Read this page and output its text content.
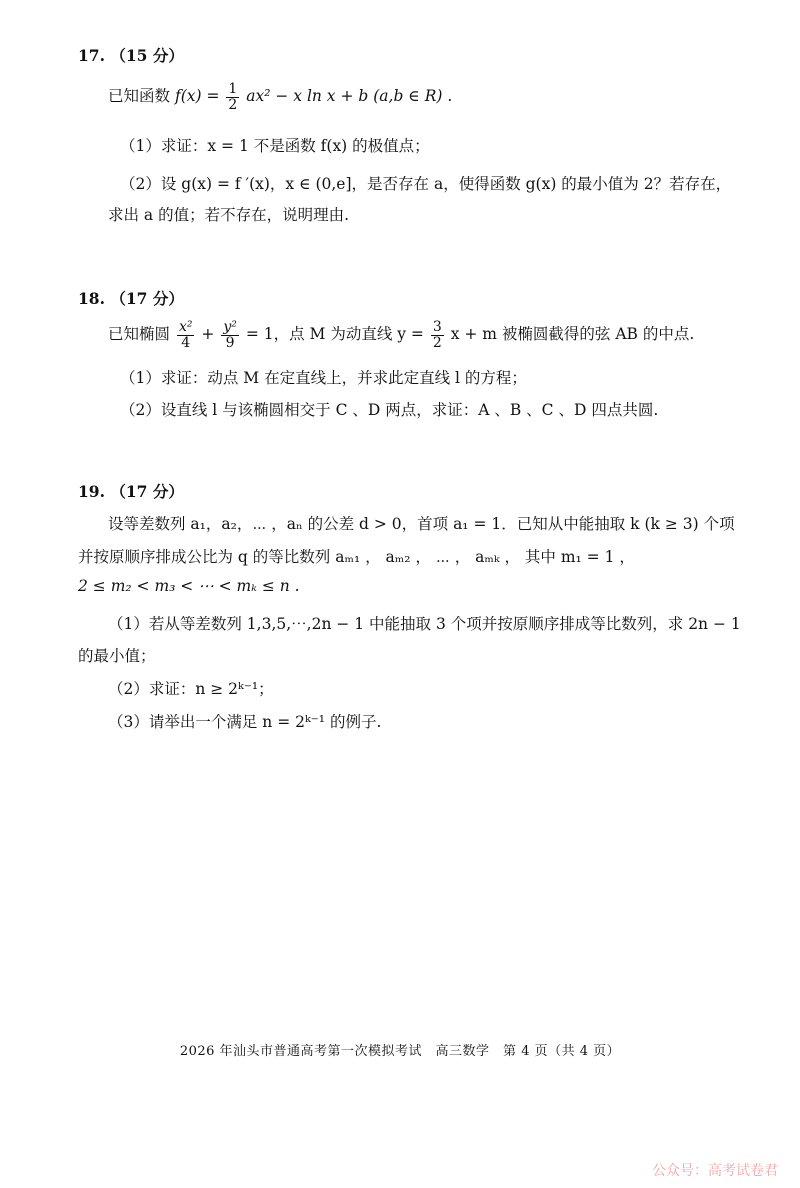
17. （15 分）
已知函数 $f(x) = \frac{1}{2} ax^2 - x$ ln x + b (a,b ∈ R) .
（1）求证：x = 1 不是函数 f(x) 的极值点；
（2）设 g(x) = f ′(x)，x ∈ (0,e]，是否存在 a，使得函数 g(x) 的最小值为 2？若存在，
求出 a 的值；若不存在，说明理由.
18. （17 分）
已知椭圆 $\frac{\text{x²}}{4} + \frac{\text{y²}}{9} = 1$，点 M 为动直线 $y = \frac{3}{2}$ x + m 被椭圆截得的弦 AB 的中点.
（1）求证：动点 M 在定直线上，并求此定直线 l 的方程；
（2）设直线 l 与该椭圆相交于 C 、D 两点，求证：A 、B 、C 、D 四点共圆.
19. （17 分）
设等差数列 a₁，a₂，⋯ ，aₙ 的公差 d > 0，首项 a₁ = 1．已知从中能抽取 k (k ≥ 3) 个项
并按原顺序排成公比为 q 的等比数列 aₘ₁ ， aₘ₂ ， ⋯ ， aₘₖ ， 其中 m₁ = 1 ，
2 ≤ m₂ < m₃ < ⋯ < mₖ ≤ n .
（1）若从等差数列 1,3,5,⋯,2n − 1 中能抽取 3 个项并按原顺序排成等比数列，求 2n − 1
的最小值；
（2）求证：n ≥ 2ᵏ⁻¹；
（3）请举出一个满足 n = 2ᵏ⁻¹ 的例子.
2026 年汕头市普通高考第一次模拟考试　高三数学　第 4 页（共 4 页）
公众号：高考试卷君
